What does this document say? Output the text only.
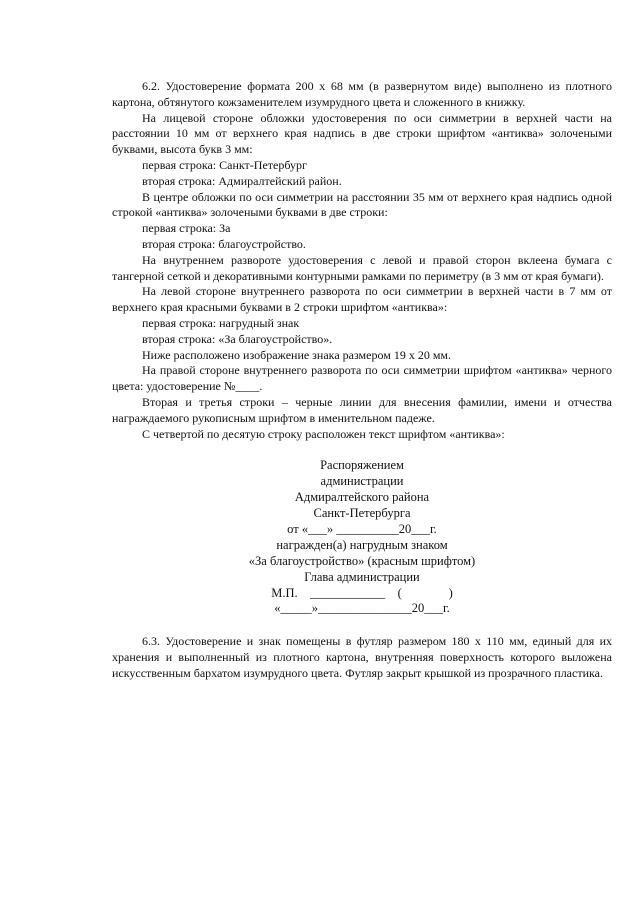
6.2. Удостоверение формата 200 х 68 мм (в развернутом виде) выполнено из плотного картона, обтянутого кожзаменителем изумрудного цвета и сложенного в книжку.

На лицевой стороне обложки удостоверения по оси симметрии в верхней части на расстоянии 10 мм от верхнего края надпись в две строки шрифтом «антиква» золочеными буквами, высота букв 3 мм:

первая строка: Санкт-Петербург

вторая строка: Адмиралтейский район.

В центре обложки по оси симметрии на расстоянии 35 мм от верхнего края надпись одной строкой «антиква» золочеными буквами в две строки:

первая строка: За

вторая строка: благоустройство.

На внутреннем развороте удостоверения с левой и правой сторон вклеена бумага с тангерной сеткой и декоративными контурными рамками по периметру (в 3 мм от края бумаги).

На левой стороне внутреннего разворота по оси симметрии в верхней части в 7 мм от верхнего края красными буквами в 2 строки шрифтом «антиква»:

первая строка: нагрудный знак

вторая строка: «За благоустройство».

Ниже расположено изображение знака размером 19 х 20 мм.

На правой стороне внутреннего разворота по оси симметрии шрифтом «антиква» черного цвета: удостоверение №____.

Вторая и третья строки – черные линии для внесения фамилии, имени и отчества награждаемого рукописным шрифтом в именительном падеже.

С четвертой по десятую строку расположен текст шрифтом «антиква»:

Распоряжением
администрации
Адмиралтейского района
Санкт-Петербурга
от «___» __________20___г.
награжден(а) нагрудным знаком
«За благоустройство» (красным шрифтом)
Глава администрации
М.П.    ____________    (               )
«_____»_______________20___г.

6.3. Удостоверение и знак помещены в футляр размером 180 х 110 мм, единый для их хранения и выполненный из плотного картона, внутренняя поверхность которого выложена искусственным бархатом изумрудного цвета. Футляр закрыт крышкой из прозрачного пластика.
